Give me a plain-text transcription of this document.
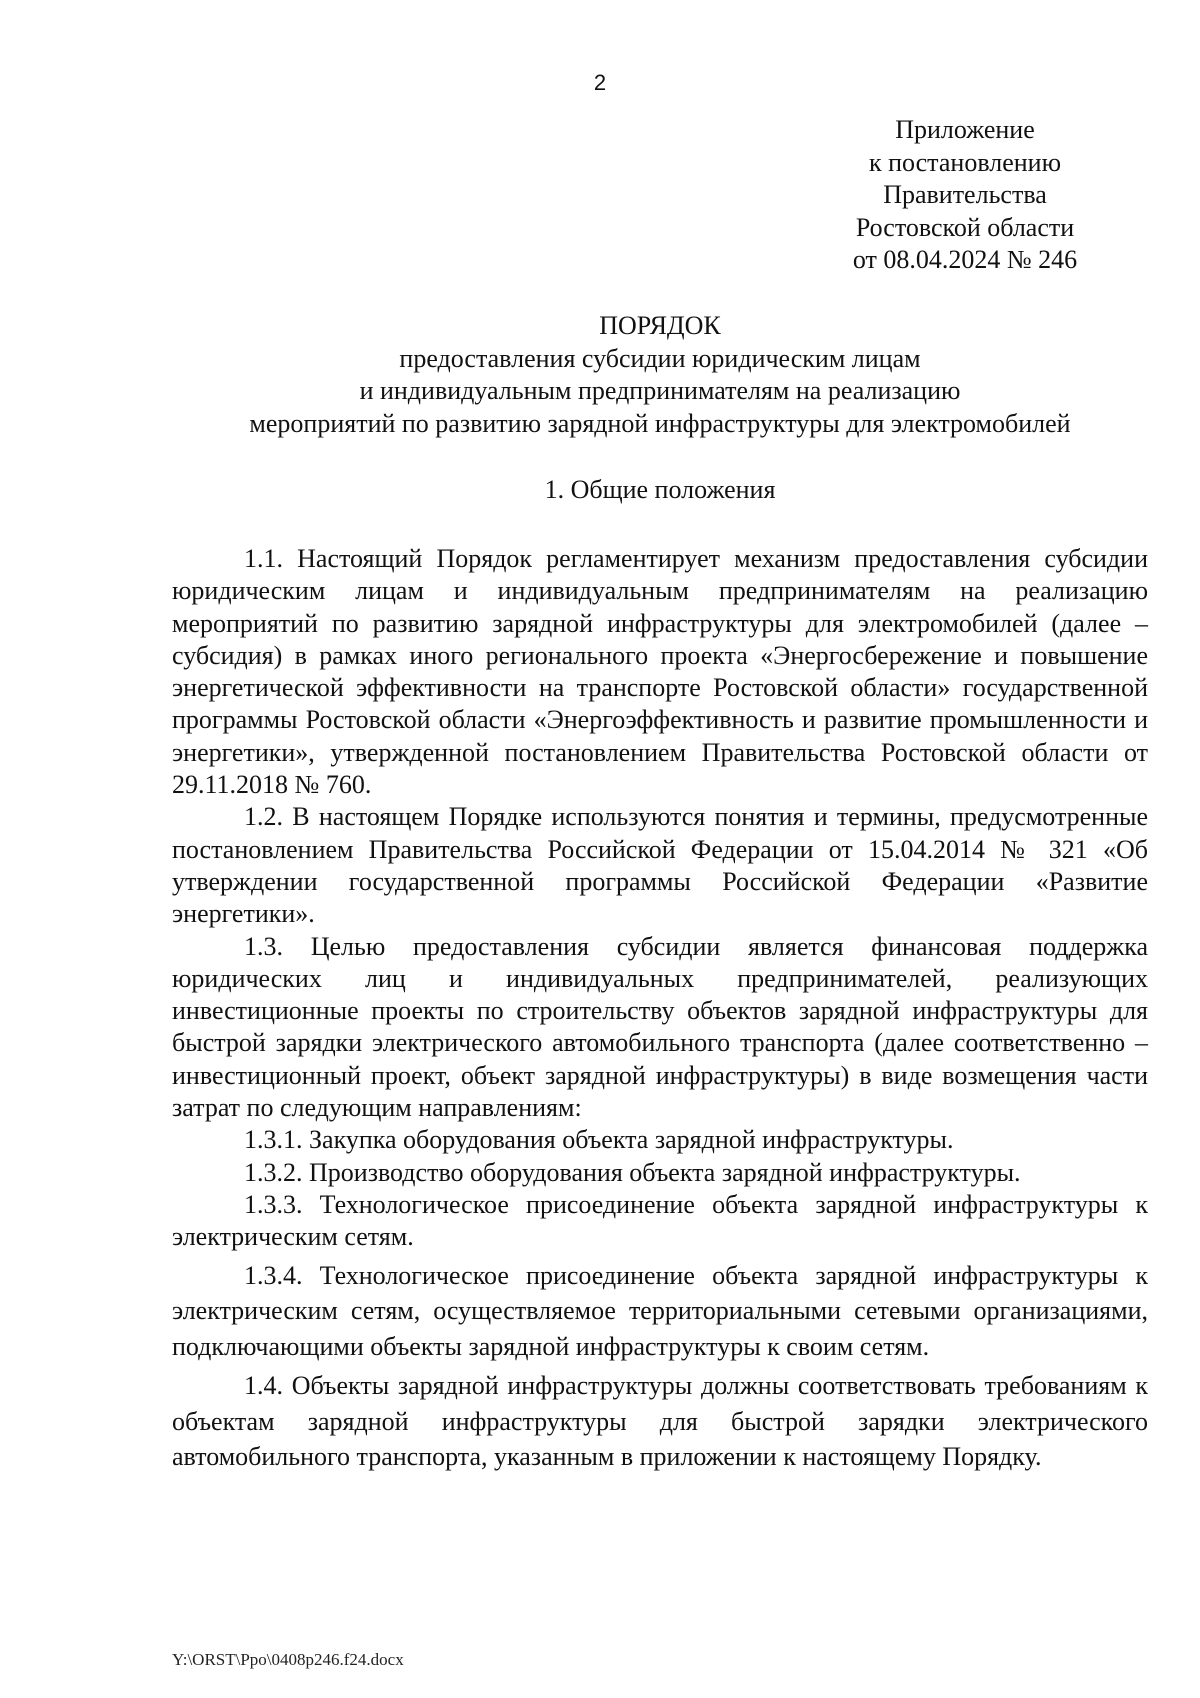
2
Приложение
к постановлению
Правительства
Ростовской области
от 08.04.2024 № 246
ПОРЯДОК
предоставления субсидии юридическим лицам
и индивидуальным предпринимателям на реализацию
мероприятий по развитию зарядной инфраструктуры для электромобилей
1. Общие положения

1.1. Настоящий Порядок регламентирует механизм предоставления субсидии юридическим лицам и индивидуальным предпринимателям на реализацию мероприятий по развитию зарядной инфраструктуры для электромобилей (далее – субсидия) в рамках иного регионального проекта «Энергосбережение и повышение энергетической эффективности на транспорте Ростовской области» государственной программы Ростовской области «Энергоэффективность и развитие промышленности и энергетики», утвержденной постановлением Правительства Ростовской области от 29.11.2018 № 760.

1.2. В настоящем Порядке используются понятия и термины, предусмотренные постановлением Правительства Российской Федерации от 15.04.2014 № 321 «Об утверждении государственной программы Российской Федерации «Развитие энергетики».

1.3. Целью предоставления субсидии является финансовая поддержка юридических лиц и индивидуальных предпринимателей, реализующих инвестиционные проекты по строительству объектов зарядной инфраструктуры для быстрой зарядки электрического автомобильного транспорта (далее соответственно – инвестиционный проект, объект зарядной инфраструктуры) в виде возмещения части затрат по следующим направлениям:

1.3.1. Закупка оборудования объекта зарядной инфраструктуры.

1.3.2. Производство оборудования объекта зарядной инфраструктуры.

1.3.3. Технологическое присоединение объекта зарядной инфраструктуры к электрическим сетям.

1.3.4. Технологическое присоединение объекта зарядной инфраструктуры к электрическим сетям, осуществляемое территориальными сетевыми организациями, подключающими объекты зарядной инфраструктуры к своим сетям.

1.4. Объекты зарядной инфраструктуры должны соответствовать требованиям к объектам зарядной инфраструктуры для быстрой зарядки электрического автомобильного транспорта, указанным в приложении к настоящему Порядку.

Y:\ORST\Ppo\0408p246.f24.docx
